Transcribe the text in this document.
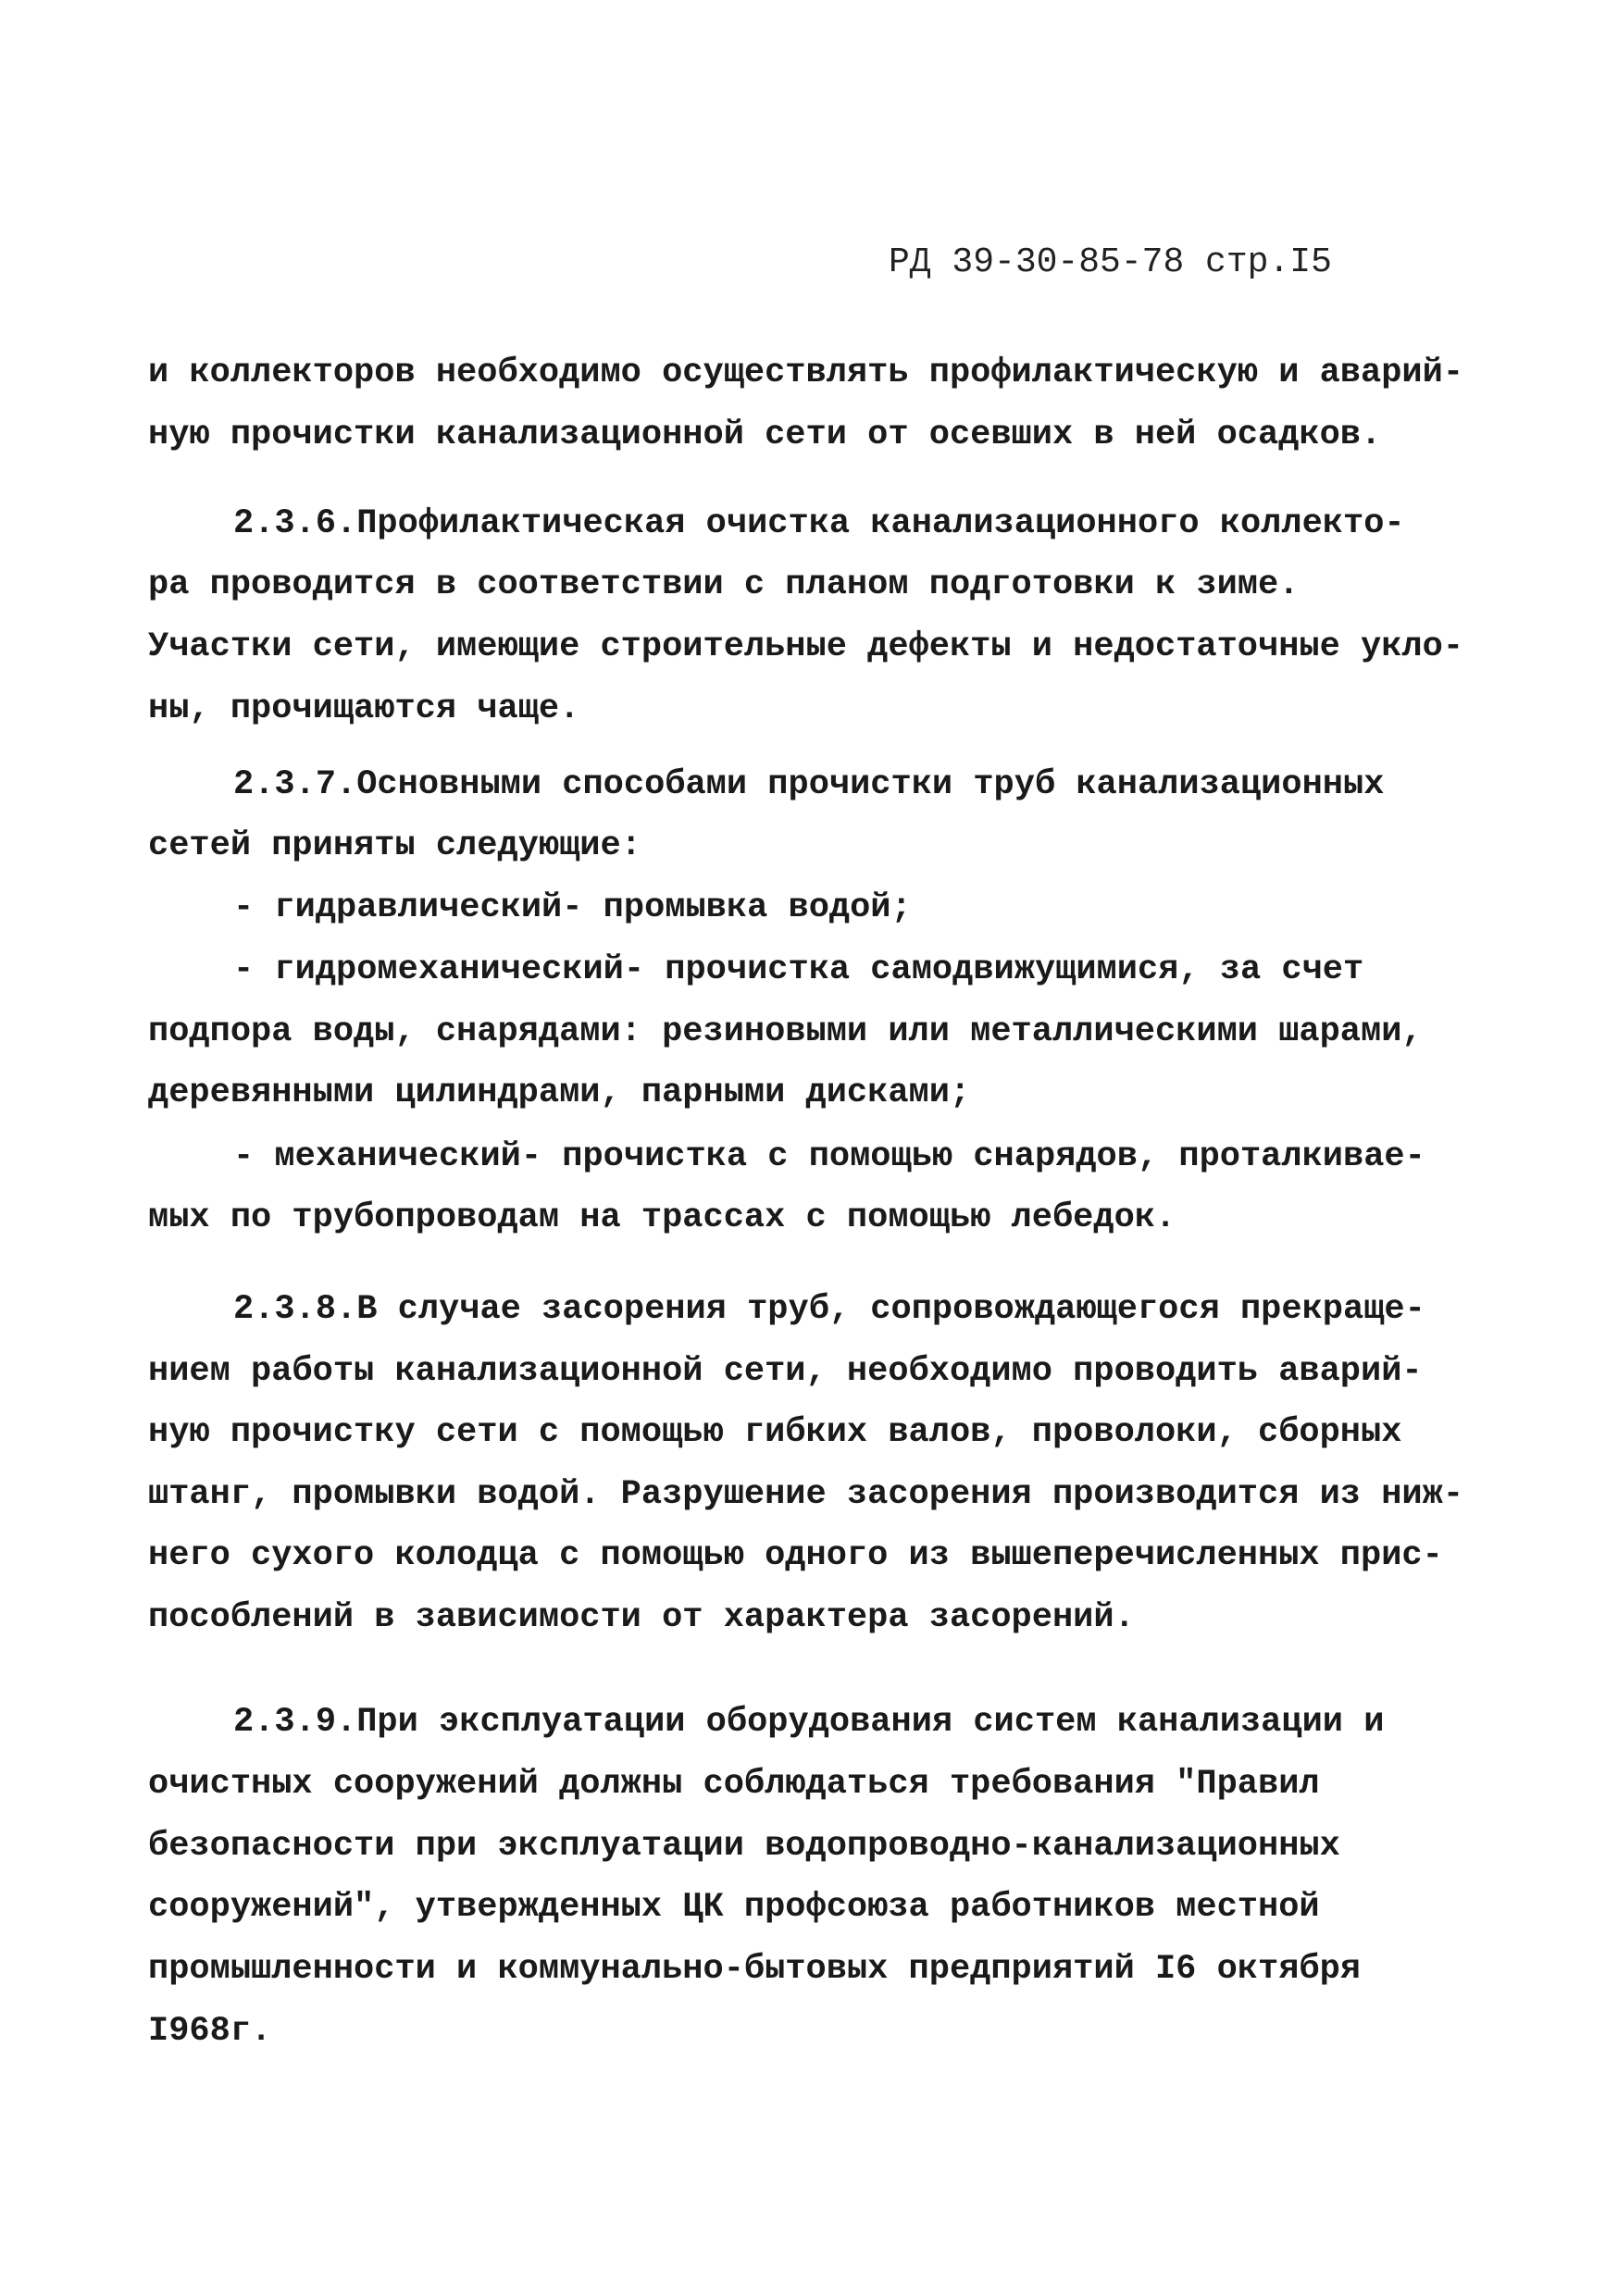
РД 39-30-85-78 стр.I5
и коллекторов необходимо осуществлять профилактическую и аварий-
ную прочистки канализационной сети от осевших в ней осадков.
2.3.6.Профилактическая очистка канализационного коллекто-
ра проводится в соответствии с планом подготовки к зиме.
Участки сети, имеющие строительные дефекты и недостаточные укло-
ны, прочищаются чаще.
2.3.7.Основными способами прочистки труб канализационных
сетей приняты следующие:
- гидравлический- промывка водой;
- гидромеханический- прочистка самодвижущимися, за счет
подпора воды, снарядами: резиновыми или металлическими шарами,
деревянными цилиндрами, парными дисками;
- механический- прочистка с помощью снарядов, проталкивае-
мых по трубопроводам на трассах с помощью лебедок.
2.3.8.В случае засорения труб, сопровождающегося прекраще-
нием работы канализационной сети, необходимо проводить аварий-
ную прочистку сети с помощью гибких валов, проволоки, сборных
штанг, промывки водой. Разрушение засорения производится из ниж-
него сухого колодца с помощью одного из вышеперечисленных прис-
пособлений в зависимости от характера засорений.
2.3.9.При эксплуатации оборудования систем канализации и
очистных сооружений должны соблюдаться требования "Правил
безопасности при эксплуатации водопроводно-канализационных
сооружений", утвержденных ЦК профсоюза работников местной
промышленности и коммунально-бытовых предприятий I6 октября
I968г.
